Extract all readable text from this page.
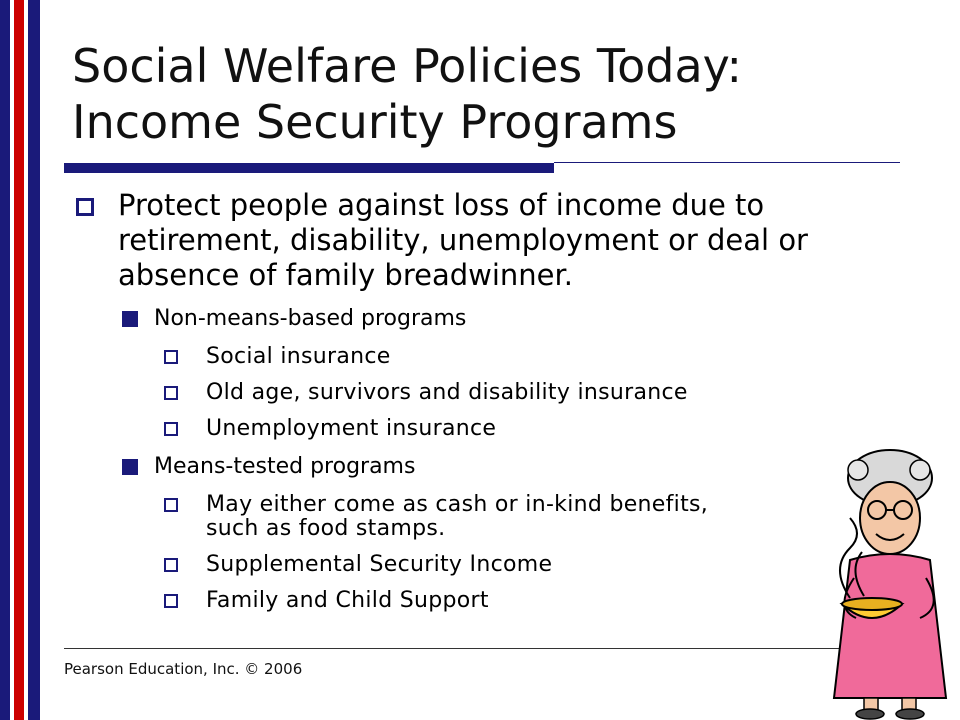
Social Welfare Policies Today:
Income Security Programs
Protect people against loss of income due to retirement, disability, unemployment or deal or absence of family breadwinner.
Non-means-based programs
Social insurance
Old age, survivors and disability insurance
Unemployment insurance
Means-tested programs
May either come as cash or in-kind benefits, such as food stamps.
Supplemental Security Income
Family and Child Support
Pearson Education, Inc. © 2006
